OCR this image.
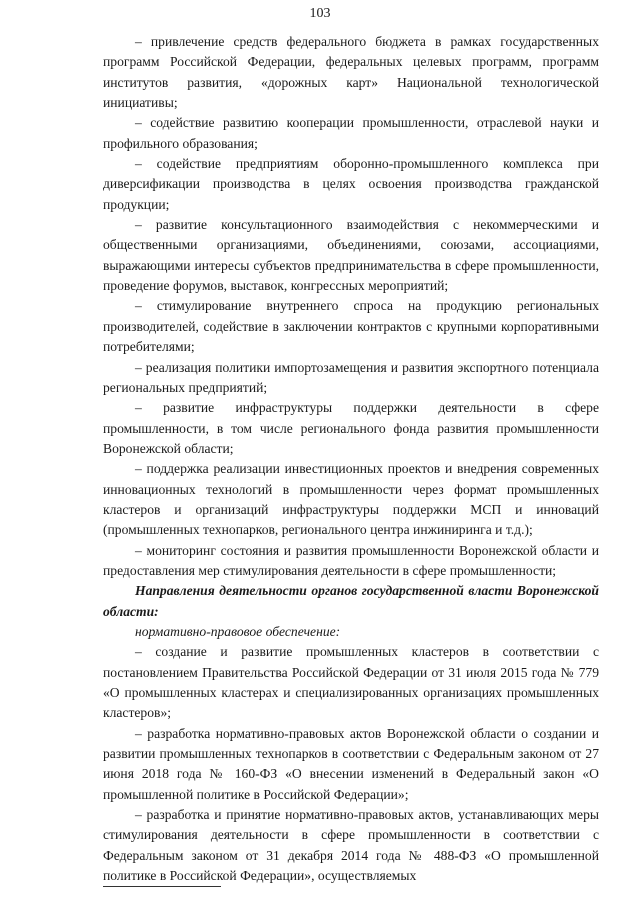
103

– привлечение средств федерального бюджета в рамках государственных программ Российской Федерации, федеральных целевых программ, программ институтов развития, «дорожных карт» Национальной технологической инициативы;

– содействие развитию кооперации промышленности, отраслевой науки и профильного образования;

– содействие предприятиям оборонно-промышленного комплекса при диверсификации производства в целях освоения производства гражданской продукции;

– развитие консультационного взаимодействия с некоммерческими и общественными организациями, объединениями, союзами, ассоциациями, выражающими интересы субъектов предпринимательства в сфере промышленности, проведение форумов, выставок, конгрессных мероприятий;

– стимулирование внутреннего спроса на продукцию региональных производителей, содействие в заключении контрактов с крупными корпоративными потребителями;

– реализация политики импортозамещения и развития экспортного потенциала региональных предприятий;

– развитие инфраструктуры поддержки деятельности в сфере промышленности, в том числе регионального фонда развития промышленности Воронежской области;

– поддержка реализации инвестиционных проектов и внедрения современных инновационных технологий в промышленности через формат промышленных кластеров и организаций инфраструктуры поддержки МСП и инноваций (промышленных технопарков, регионального центра инжиниринга и т.д.);

– мониторинг состояния и развития промышленности Воронежской области и предоставления мер стимулирования деятельности в сфере промышленности;

Направления деятельности органов государственной власти Воронежской области:

нормативно-правовое обеспечение:

– создание и развитие промышленных кластеров в соответствии с постановлением Правительства Российской Федерации от 31 июля 2015 года № 779 «О промышленных кластерах и специализированных организациях промышленных кластеров»;

– разработка нормативно-правовых актов Воронежской области о создании и развитии промышленных технопарков в соответствии с Федеральным законом от 27 июня 2018 года № 160-ФЗ «О внесении изменений в Федеральный закон «О промышленной политике в Российской Федерации»;

– разработка и принятие нормативно-правовых актов, устанавливающих меры стимулирования деятельности в сфере промышленности в соответствии с Федеральным законом от 31 декабря 2014 года № 488-ФЗ «О промышленной политике в Российской Федерации», осуществляемых
